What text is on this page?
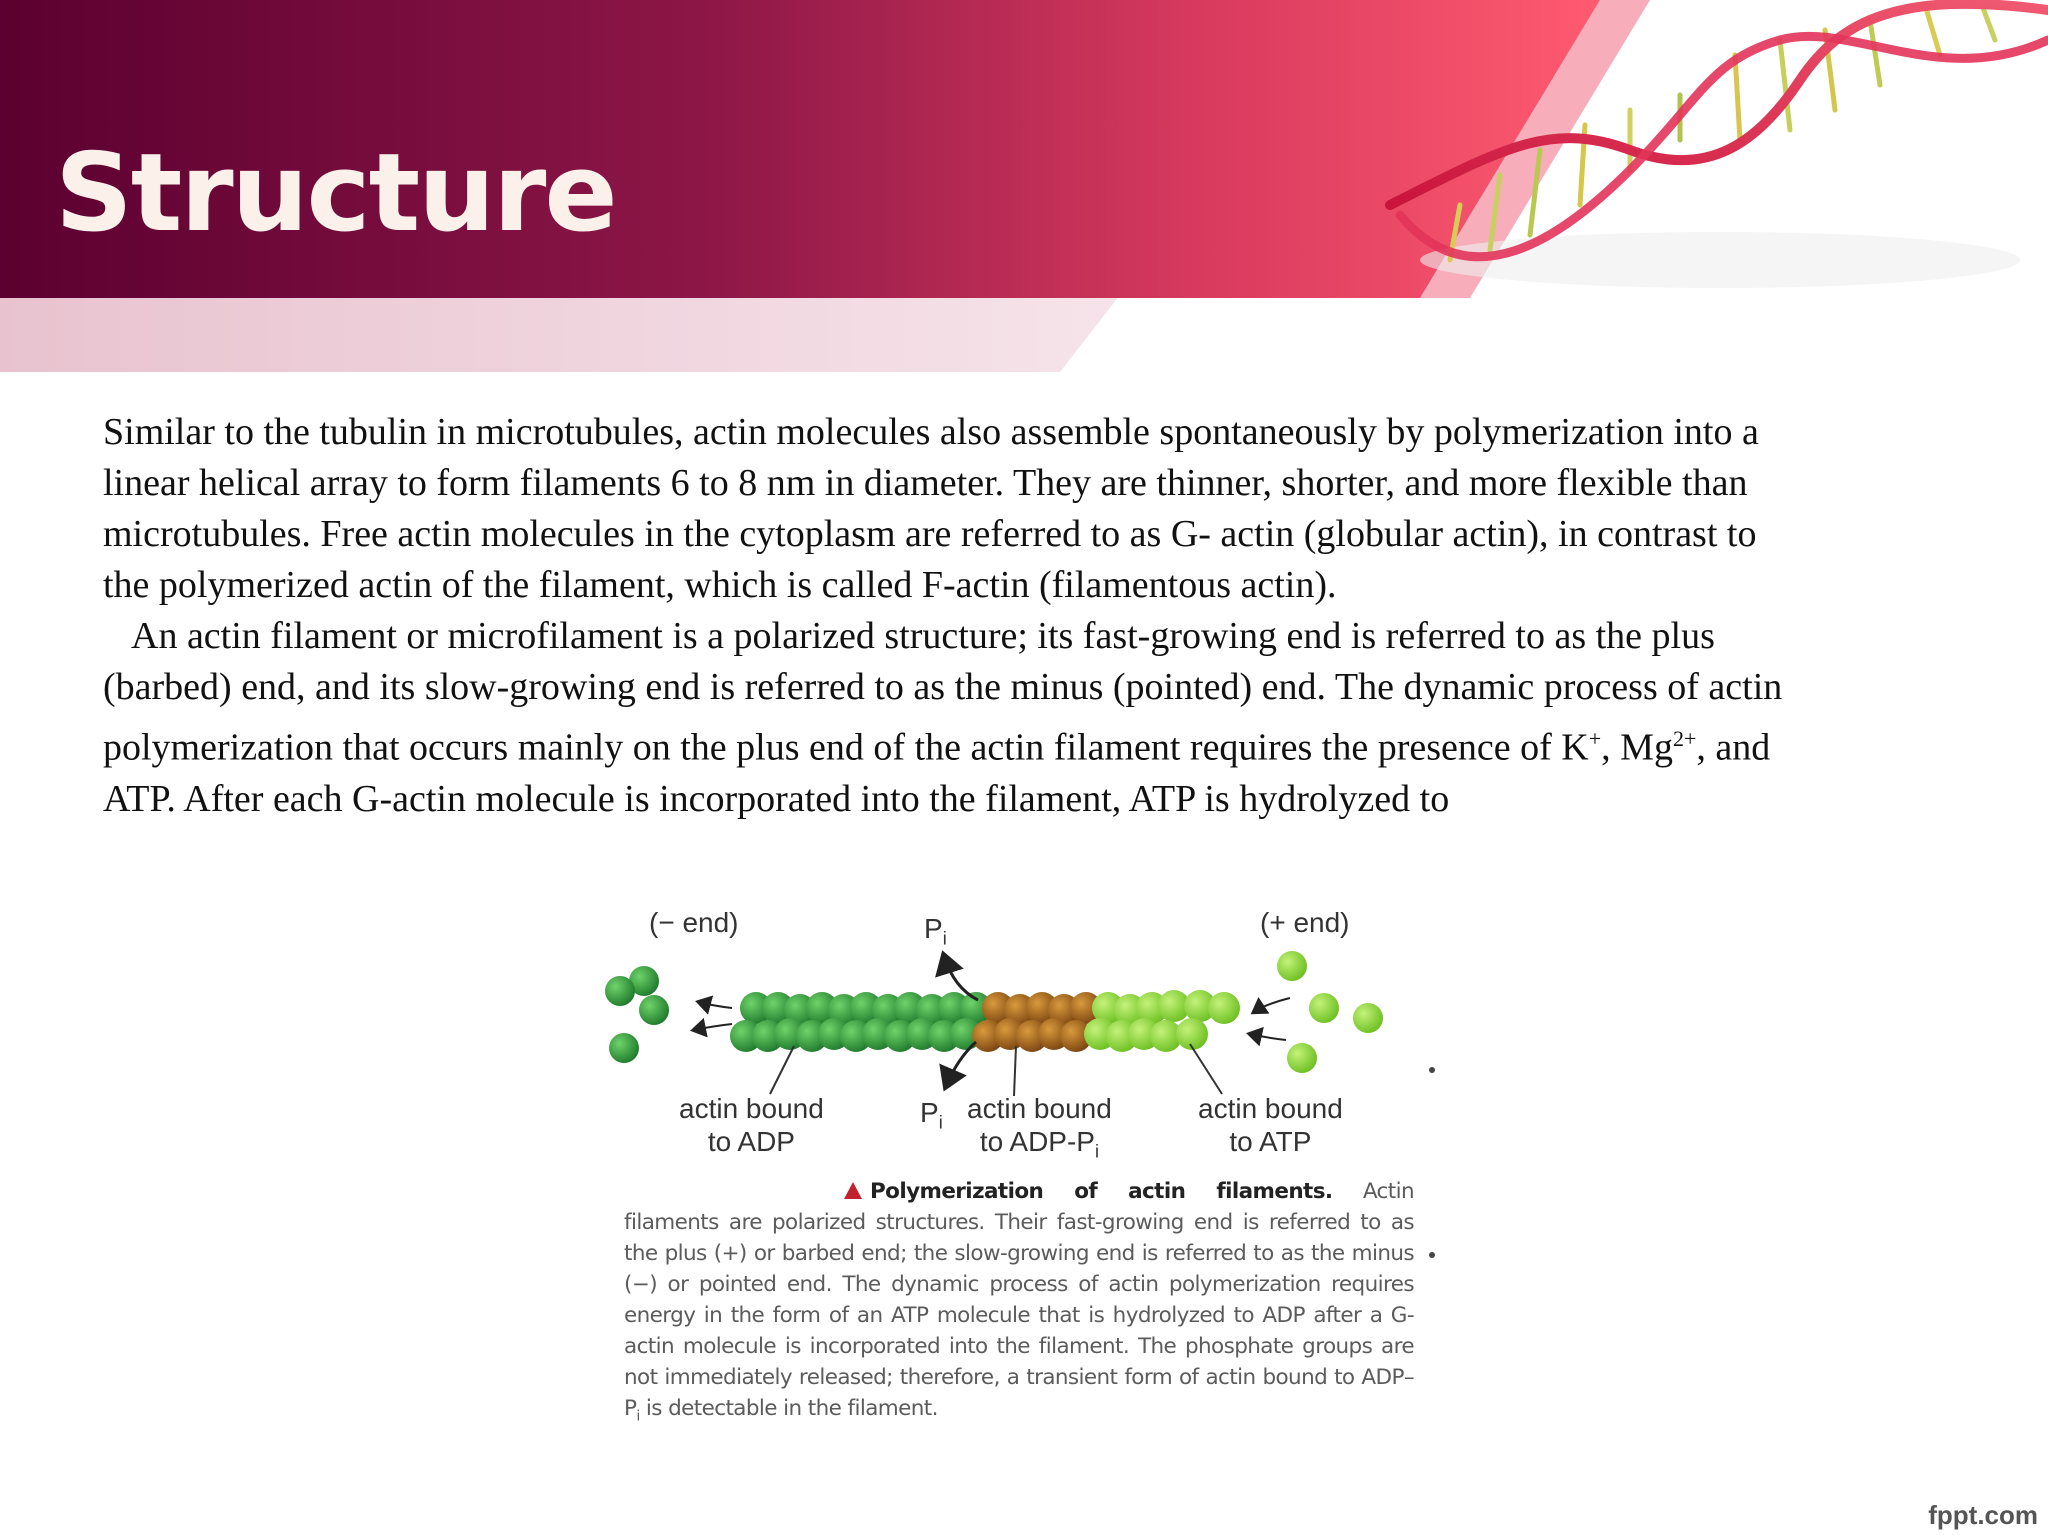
Structure

Similar to the tubulin in microtubules, actin molecules also assemble spontaneously by polymerization into a linear helical array to form filaments 6 to 8 nm in diameter. They are thinner, shorter, and more flexible than microtubules. Free actin molecules in the cytoplasm are referred to as G- actin (globular actin), in contrast to the polymerized actin of the filament, which is called F-actin (filamentous actin).

An actin filament or microfilament is a polarized structure; its fast-growing end is referred to as the plus (barbed) end, and its slow-growing end is referred to as the minus (pointed) end. The dynamic process of actin polymerization that occurs mainly on the plus end of the actin filament requires the presence of K+, $Mg^{2+}$, and ATP. After each G-actin molecule is incorporated into the filament, ATP is hydrolyzed to

(− end)	(+ end)
$P_i$
$P_i$
actin bound
to ADP
actin bound
to ADP-$P_i$
actin bound
to ATP
Polymerization of actin filaments. Actin filaments are polarized structures. Their fast-growing end is referred to as the plus (+) or barbed end; the slow-growing end is referred to as the minus (−) or pointed end. The dynamic process of actin polymerization requires energy in the form of an ATP molecule that is hydrolyzed to ADP after a G-actin molecule is incorporated into the filament. The phosphate groups are not immediately released; therefore, a transient form of actin bound to ADP–$P_i$ is detectable in the filament.
fppt.com
